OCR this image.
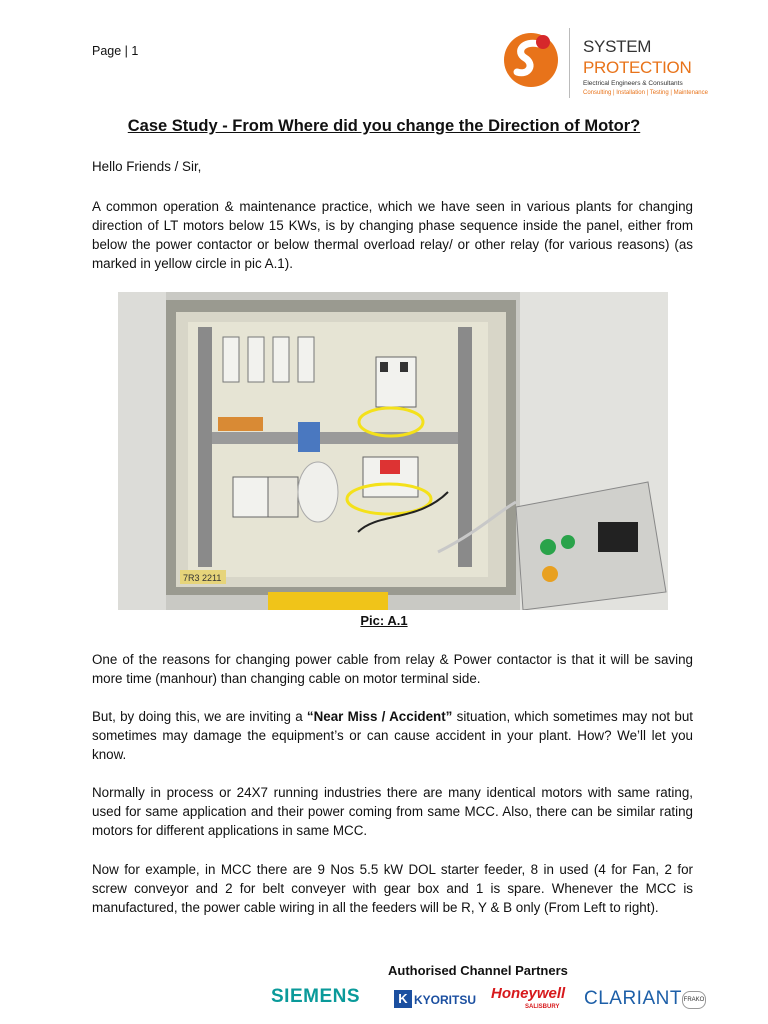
Page | 1	SYSTEM
PROTECTION
Electrical Engineers & Consultants
Consulting | Installation | Testing | Maintenance
Case Study - From Where did you change the Direction of Motor?

Hello Friends / Sir,

A common operation & maintenance practice, which we have seen in various plants for changing direction of LT motors below 15 KWs, is by changing phase sequence inside the panel, either from below the power contactor or below thermal overload relay/ or other relay (for various reasons) (as marked in yellow circle in pic A.1).

7R3 2211
Pic: A.1

One of the reasons for changing power cable from relay & Power contactor is that it will be saving more time (manhour) than changing cable on motor terminal side.

But, by doing this, we are inviting a “Near Miss / Accident” situation, which sometimes may not but sometimes may damage the equipment’s or can cause accident in your plant. How? We’ll let you know.

Normally in process or 24X7 running industries there are many identical motors with same rating, used for same application and their power coming from same MCC. Also, there can be similar rating motors for different applications in same MCC.

Now for example, in MCC there are 9 Nos 5.5 kW DOL starter feeder, 8 in used (4 for Fan, 2 for screw conveyor and 2 for belt conveyer with gear box and 1 is spare. Whenever the MCC is manufactured, the power cable wiring in all the feeders will be R, Y & B only (From Left to right).

Authorised Channel Partners
SIEMENS	K KYORITSU Honeywell
SALISBURY CLARIANT FRAKO
